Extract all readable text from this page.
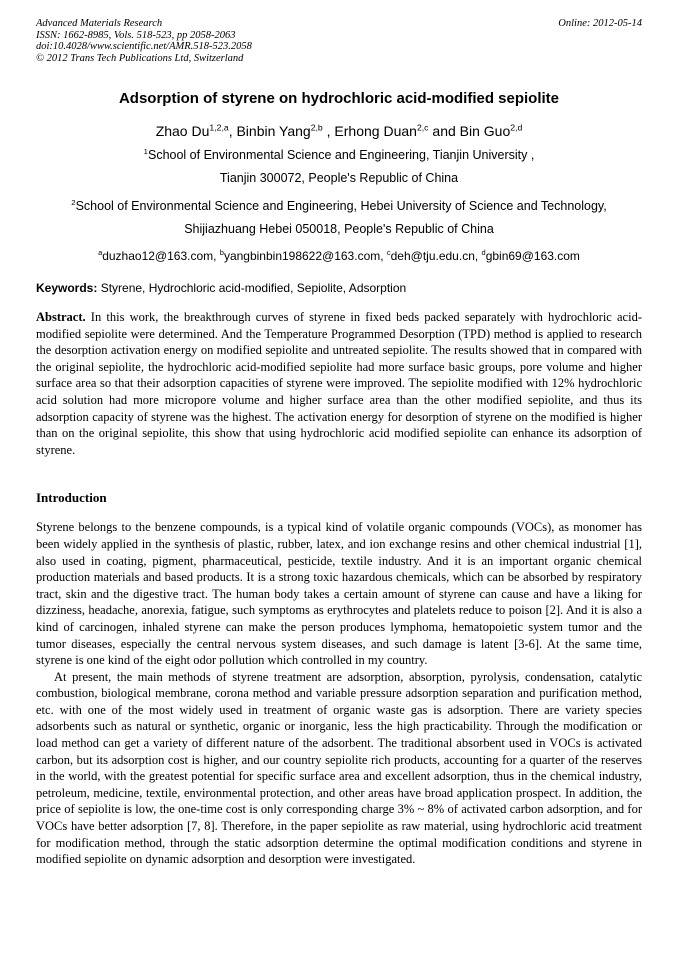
Advanced Materials Research
ISSN: 1662-8985, Vols. 518-523, pp 2058-2063
doi:10.4028/www.scientific.net/AMR.518-523.2058
© 2012 Trans Tech Publications Ltd, Switzerland
Online: 2012-05-14
Adsorption of styrene on hydrochloric acid-modified sepiolite
Zhao Du$^{1,2,a}$, Binbin Yang$^{2,b}$ , Erhong Duan$^{2,c}$ and Bin Guo$^{2,d}$
$^1$School of Environmental Science and Engineering, Tianjin University ,
Tianjin 300072, People's Republic of China
$^2$School of Environmental Science and Engineering, Hebei University of Science and Technology,
Shijiazhuang Hebei 050018, People's Republic of China
$^a$duzhao12@163.com, $^b$yangbinbin198622@163.com, $^c$deh@tju.edu.cn, $^d$gbin69@163.com

Keywords: Styrene, Hydrochloric acid-modified, Sepiolite, Adsorption

Abstract. In this work, the breakthrough curves of styrene in fixed beds packed separately with hydrochloric acid-modified sepiolite were determined. And the Temperature Programmed Desorption (TPD) method is applied to research the desorption activation energy on modified sepiolite and untreated sepiolite. The results showed that in compared with the original sepiolite, the hydrochloric acid-modified sepiolite had more surface basic groups, pore volume and higher surface area so that their adsorption capacities of styrene were improved. The sepiolite modified with 12% hydrochloric acid solution had more micropore volume and higher surface area than the other modified sepiolite, and thus its adsorption capacity of styrene was the highest. The activation energy for desorption of styrene on the modified is higher than on the original sepiolite, this show that using hydrochloric acid modified sepiolite can enhance its adsorption of styrene.

Introduction

Styrene belongs to the benzene compounds, is a typical kind of volatile organic compounds (VOCs), as monomer has been widely applied in the synthesis of plastic, rubber, latex, and ion exchange resins and other chemical industrial [1], also used in coating, pigment, pharmaceutical, pesticide, textile industry. And it is an important organic chemical production materials and based products. It is a strong toxic hazardous chemicals, which can be absorbed by respiratory tract, skin and the digestive tract. The human body takes a certain amount of styrene can cause and have a liking for dizziness, headache, anorexia, fatigue, such symptoms as erythrocytes and platelets reduce to poison [2]. And it is also a kind of carcinogen, inhaled styrene can make the person produces lymphoma, hematopoietic system tumor and the tumor diseases, especially the central nervous system diseases, and such damage is latent [3-6]. At the same time, styrene is one kind of the eight odor pollution which controlled in my country.

At present, the main methods of styrene treatment are adsorption, absorption, pyrolysis, condensation, catalytic combustion, biological membrane, corona method and variable pressure adsorption separation and purification method, etc. with one of the most widely used in treatment of organic waste gas is adsorption. There are variety species adsorbents such as natural or synthetic, organic or inorganic, less the high practicability. Through the modification or load method can get a variety of different nature of the adsorbent. The traditional absorbent used in VOCs is activated carbon, but its adsorption cost is higher, and our country sepiolite rich products, accounting for a quarter of the reserves in the world, with the greatest potential for specific surface area and excellent adsorption, thus in the chemical industry, petroleum, medicine, textile, environmental protection, and other areas have broad application prospect. In addition, the price of sepiolite is low, the one-time cost is only corresponding charge 3% ~ 8% of activated carbon adsorption, and for VOCs have better adsorption [7, 8]. Therefore, in the paper sepiolite as raw material, using hydrochloric acid treatment for modification method, through the static adsorption determine the optimal modification conditions and styrene in modified sepiolite on dynamic adsorption and desorption were investigated.
